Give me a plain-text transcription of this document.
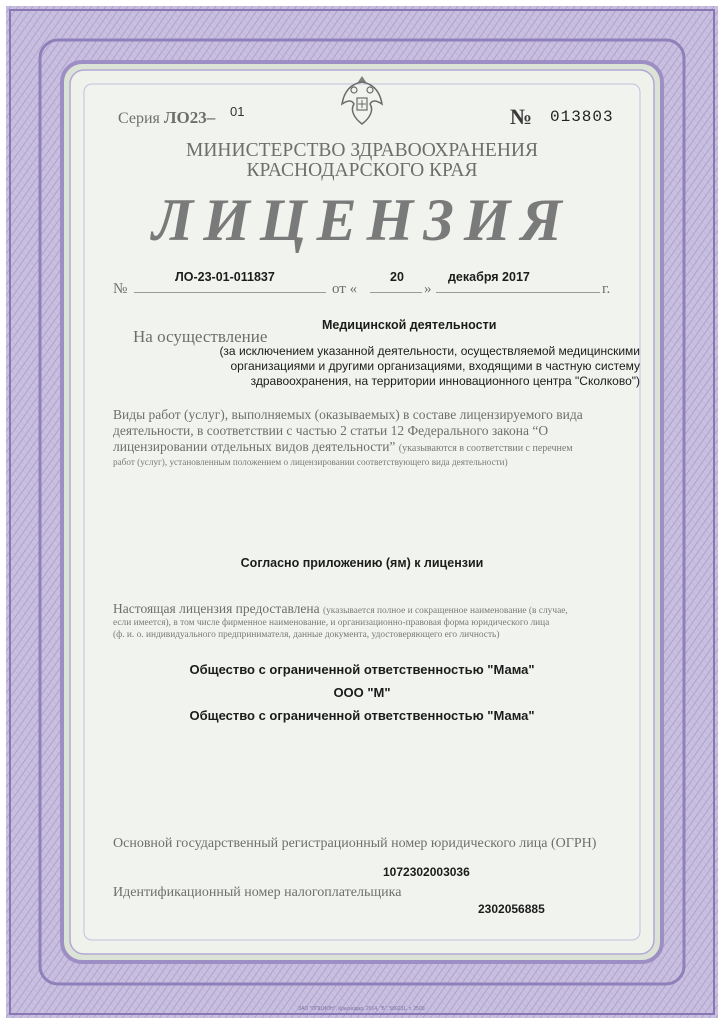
ЗАО "ОПЦИОН", Краснодар, 2014, "Б", 580231, т. 2500.
Серия ЛО23– 01	№ 013803
МИНИСТЕРСТВО ЗДРАВООХРАНЕНИЯ
КРАСНОДАРСКОГО КРАЯ
ЛИЦЕНЗИЯ
№
ЛО-23-01-011837
от «
20
»
декабря 2017
г.
На осуществление
Медицинской деятельности
(за исключением указанной деятельности, осуществляемой медицинскими
организациями и другими организациями, входящими в частную систему
здравоохранения, на территории инновационного центра "Сколково")
Виды работ (услуг), выполняемых (оказываемых) в составе лицензируемого вида
деятельности, в соответствии с частью 2 статьи 12 Федерального закона “О
лицензировании отдельных видов деятельности” (указываются в соответствии с перечнем
работ (услуг), установленным положением о лицензировании соответствующего вида деятельности)
Согласно приложению (ям) к лицензии
Настоящая лицензия предоставлена (указывается полное и сокращенное наименование (в случае,
если имеется), в том числе фирменное наименование, и организационно-правовая форма юридического лица
(ф. и. о. индивидуального предпринимателя, данные документа, удостоверяющего его личность)
Общество с ограниченной ответственностью "Мама"
ООО "М"
Общество с ограниченной ответственностью "Мама"
Основной государственный регистрационный номер юридического лица (ОГРН)
1072302003036
Идентификационный номер налогоплательщика
2302056885
